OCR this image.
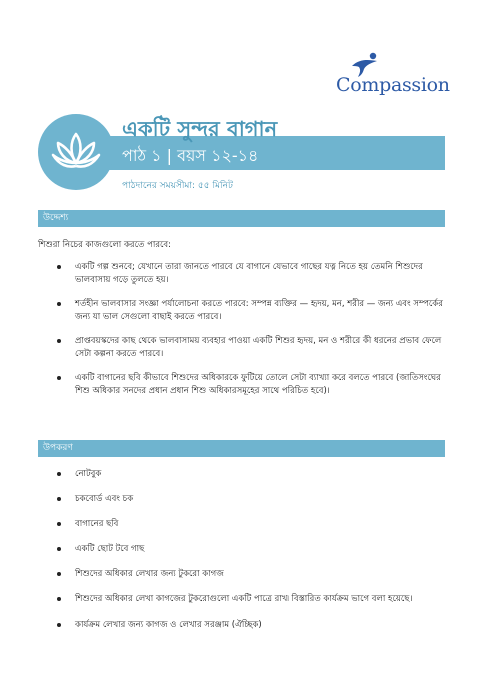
Compassion
একটি সুন্দর বাগান
পাঠ ১ | বয়স ১২-১৪
পাঠদানের সময়সীমা: ৫৫ মিনিট
উদ্দেশ্য
শিশুরা নিচের কাজগুলো করতে পারবে:
একটি গল্প শুনবে; যেখানে তারা জানতে পারবে যে বাগানে যেভাবে গাছের যত্ন নিতে হয় তেমনি শিশুদের ভালবাসায় গড়ে তুলতে হয়।
শর্তহীন ভালবাসার সংজ্ঞা পর্যালোচনা করতে পারবে: সম্পন্ন ব্যক্তির — হৃদয়, মন, শরীর — জন্য এবং সম্পর্কের জন্য যা ভাল সেগুলো বাছাই করতে পারবে।
প্রাপ্তবয়স্কদের কাছ থেকে ভালবাসাময় ব্যবহার পাওয়া একটি শিশুর হৃদয়, মন ও শরীরে কী ধরনের প্রভাব ফেলে সেটা কল্পনা করতে পারবে।
একটি বাগানের ছবি কীভাবে শিশুদের অধিকারকে ফুটিয়ে তোলে সেটা ব্যাখ্যা করে বলতে পারবে (জাতিসংঘের শিশু অধিকার সনদের প্রধান প্রধান শিশু অধিকারসমূহের সাথে পরিচিত হবে)।
উপকরণ
নোটবুক
চকবোর্ড এবং চক
বাগানের ছবি
একটি ছোট টবে গাছ
শিশুদের অধিকার লেখার জন্য টুকরো কাগজ
শিশুদের অধিকার লেখা কাগজের টুকরোগুলো একটি পাত্রে রাখ৷ বিস্তারিত কার্যক্রম ভাগে বলা হয়েছে।
কার্যক্রম লেখার জন্য কাগজ ও লেখার সরঞ্জাম (ঐচ্ছিক)
